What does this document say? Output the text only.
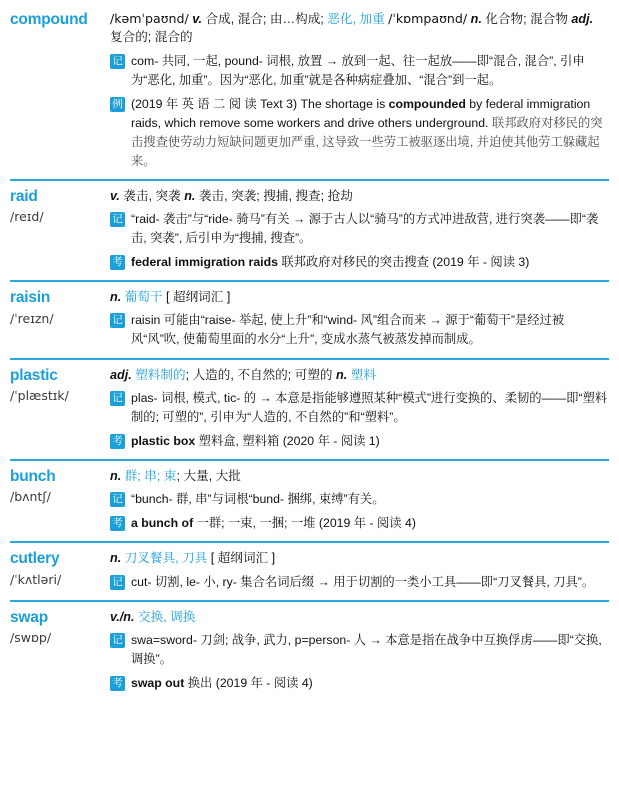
compound	/kəmˈpaʊnd/ v. 合成, 混合; 由…构成; 恶化, 加重 /ˈkɒmpaʊnd/ n. 化合物; 混合物 adj. 复合的; 混合的
记 com- 共同, 一起, pound- 词根, 放置 → 放到一起、往一起放——即“混合, 混合”, 引申为“恶化, 加重”。因为“恶化, 加重”就是各种病症叠加、“混合”到一起。
例 (2019 年 英 语 二 阅 读 Text 3) The shortage is compounded by federal immigration raids, which remove some workers and drive others underground. 联邦政府对移民的突击搜查使劳动力短缺问题更加严重, 这导致一些劳工被驱逐出境, 并迫使其他劳工躲藏起来。
raid
/reɪd/
v. 袭击, 突袭 n. 袭击, 突袭; 搜捕, 搜查; 抢劫
记 “raid- 袭击”与“ride- 骑马”有关 → 源于古人以“骑马”的方式冲进敌营, 进行突袭——即“袭击, 突袭”, 后引申为“搜捕, 搜查”。
考 federal immigration raids 联邦政府对移民的突击搜查 (2019 年 - 阅读 3)
raisin
/ˈreɪzn/
n. 葡萄干 [ 超纲词汇 ]
记 raisin 可能由“raise- 举起, 使上升”和“wind- 风”组合而来 → 源于“葡萄干”是经过被风“风”吹, 使葡萄里面的水分“上升”, 变成水蒸气被蒸发掉而制成。
plastic
/ˈplæstɪk/
adj. 塑料制的; 人造的, 不自然的; 可塑的 n. 塑料
记 plas- 词根, 模式, tic- 的 → 本意是指能够遵照某种“模式”进行变换的、柔韧的——即“塑料制的; 可塑的”, 引申为“人造的, 不自然的”和“塑料”。
考 plastic box 塑料盒, 塑料箱 (2020 年 - 阅读 1)
bunch
/bʌntʃ/
n. 群; 串; 束; 大量, 大批
记 “bunch- 群, 串”与词根“bund- 捆绑, 束缚”有关。
考 a bunch of 一群; 一束, 一捆; 一堆 (2019 年 - 阅读 4)
cutlery
/ˈkʌtləri/
n. 刀叉餐具, 刀具 [ 超纲词汇 ]
记 cut- 切割, le- 小, ry- 集合名词后缀 → 用于切割的一类小工具——即“刀叉餐具, 刀具”。
swap
/swɒp/
v./n. 交换, 调换
记 swa=sword- 刀剑; 战争, 武力, p=person- 人 → 本意是指在战争中互换俘虏——即“交换, 调换”。
考 swap out 换出 (2019 年 - 阅读 4)
